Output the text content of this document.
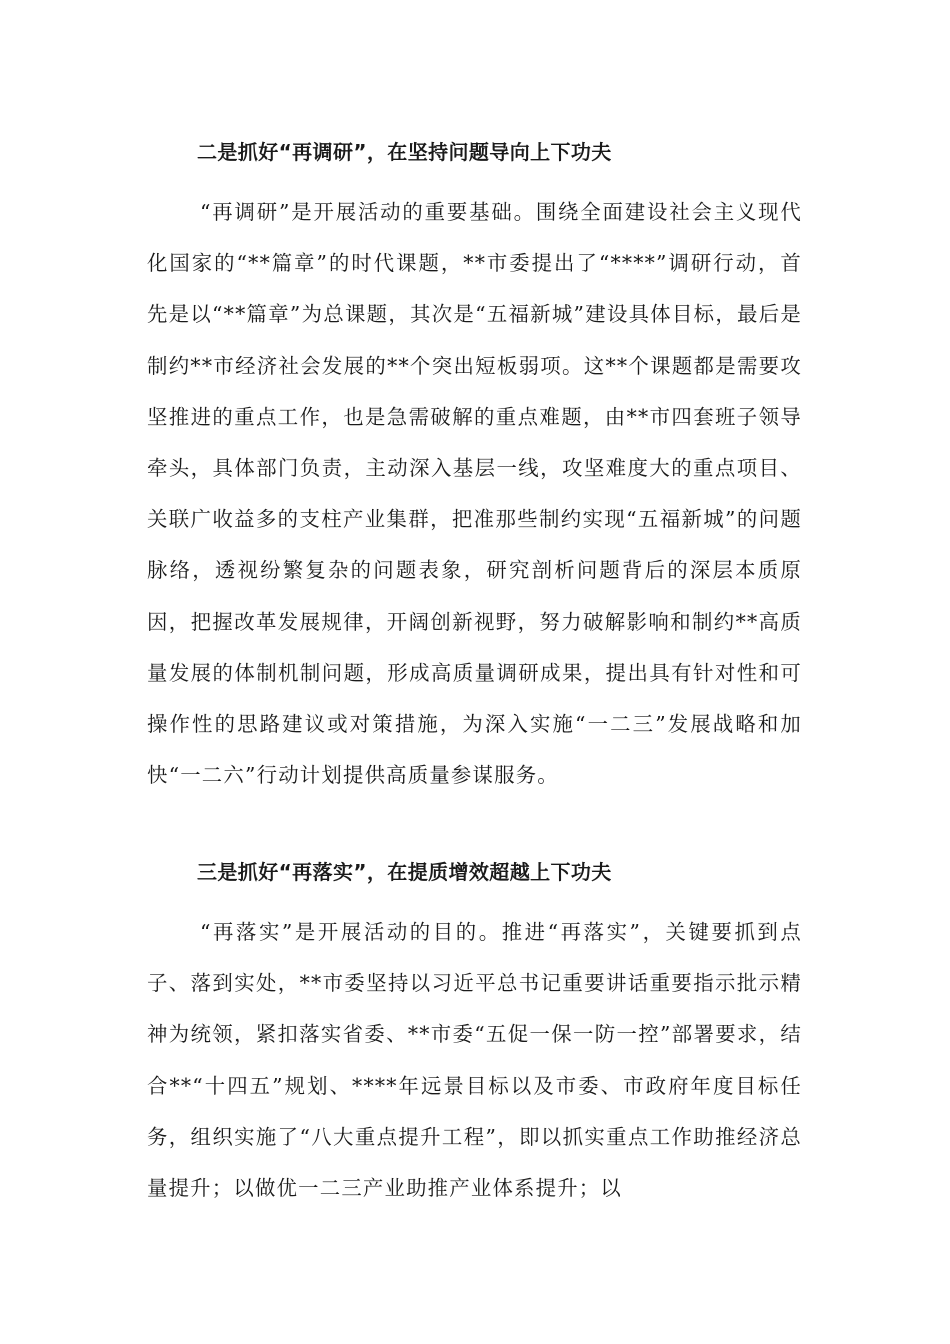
二是抓好“再调研”，在坚持问题导向上下功夫

“再调研”是开展活动的重要基础。围绕全面建设社会主义现代化国家的“**篇章”的时代课题，**市委提出了“****”调研行动，首先是以“**篇章”为总课题，其次是“五福新城”建设具体目标，最后是制约**市经济社会发展的**个突出短板弱项。这**个课题都是需要攻坚推进的重点工作，也是急需破解的重点难题，由**市四套班子领导牵头，具体部门负责，主动深入基层一线，攻坚难度大的重点项目、关联广收益多的支柱产业集群，把准那些制约实现“五福新城”的问题脉络，透视纷繁复杂的问题表象，研究剖析问题背后的深层本质原因，把握改革发展规律，开阔创新视野，努力破解影响和制约**高质量发展的体制机制问题，形成高质量调研成果，提出具有针对性和可操作性的思路建议或对策措施，为深入实施“一二三”发展战略和加快“一二六”行动计划提供高质量参谋服务。

三是抓好“再落实”，在提质增效超越上下功夫

“再落实”是开展活动的目的。推进“再落实”，关键要抓到点子、落到实处，**市委坚持以习近平总书记重要讲话重要指示批示精神为统领，紧扣落实省委、**市委“五促一保一防一控”部署要求，结合**“十四五”规划、****年远景目标以及市委、市政府年度目标任务，组织实施了“八大重点提升工程”，即以抓实重点工作助推经济总量提升；以做优一二三产业助推产业体系提升；以
